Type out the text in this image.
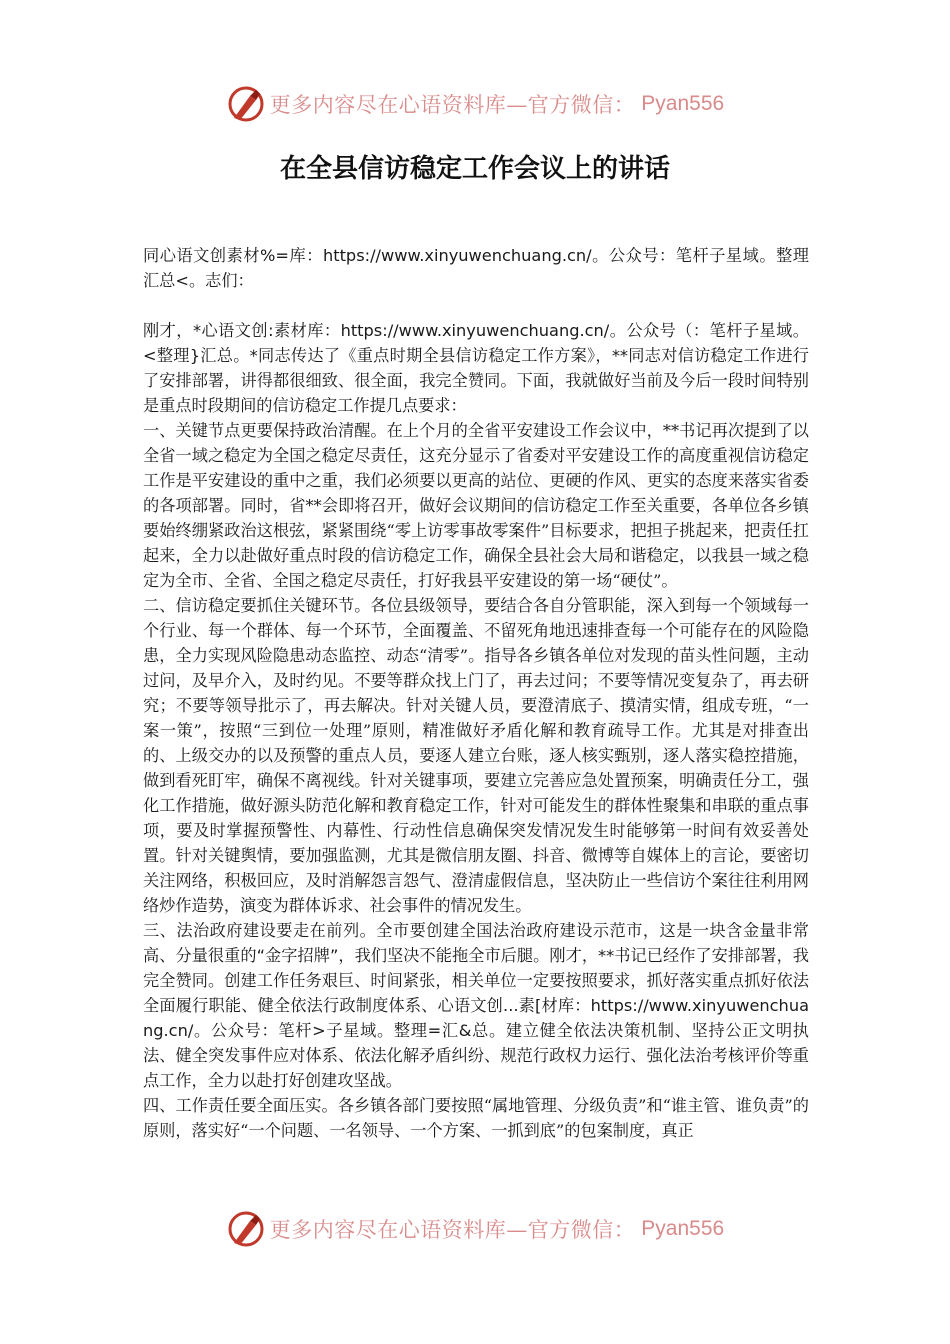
更多内容尽在心语资料库—官方微信： Pyan556
在全县信访稳定工作会议上的讲话

同心语文创素材%=库：https://www.xinyuwenchuang.cn/。公众号：笔杆子星域。整理汇总<。志们：

刚才，*心语文创:素材库：https://www.xinyuwenchuang.cn/。公众号（：笔杆子星域。<整理}汇总。*同志传达了《重点时期全县信访稳定工作方案》，**同志对信访稳定工作进行了安排部署，讲得都很细致、很全面，我完全赞同。下面，我就做好当前及今后一段时间特别是重点时段期间的信访稳定工作提几点要求：

一、关键节点更要保持政治清醒。在上个月的全省平安建设工作会议中，**书记再次提到了以全省一域之稳定为全国之稳定尽责任，这充分显示了省委对平安建设工作的高度重视信访稳定工作是平安建设的重中之重，我们必须要以更高的站位、更硬的作风、更实的态度来落实省委的各项部署。同时，省**会即将召开，做好会议期间的信访稳定工作至关重要，各单位各乡镇要始终绷紧政治这根弦，紧紧围绕“零上访零事故零案件”目标要求，把担子挑起来，把责任扛起来，全力以赴做好重点时段的信访稳定工作，确保全县社会大局和谐稳定，以我县一域之稳定为全市、全省、全国之稳定尽责任，打好我县平安建设的第一场“硬仗”。

二、信访稳定要抓住关键环节。各位县级领导，要结合各自分管职能，深入到每一个领域每一个行业、每一个群体、每一个环节，全面覆盖、不留死角地迅速排查每一个可能存在的风险隐患，全力实现风险隐患动态监控、动态“清零”。指导各乡镇各单位对发现的苗头性问题，主动过问，及早介入，及时约见。不要等群众找上门了，再去过问；不要等情况变复杂了，再去研究；不要等领导批示了，再去解决。针对关键人员，要澄清底子、摸清实情，组成专班，“一案一策”，按照“三到位一处理”原则，精准做好矛盾化解和教育疏导工作。尤其是对排查出的、上级交办的以及预警的重点人员，要逐人建立台账，逐人核实甄别，逐人落实稳控措施，做到看死盯牢，确保不离视线。针对关键事项，要建立完善应急处置预案，明确责任分工，强化工作措施，做好源头防范化解和教育稳定工作，针对可能发生的群体性聚集和串联的重点事项，要及时掌握预警性、内幕性、行动性信息确保突发情况发生时能够第一时间有效妥善处置。针对关键舆情，要加强监测，尤其是微信朋友圈、抖音、微博等自媒体上的言论，要密切关注网络，积极回应，及时消解怨言怨气、澄清虚假信息，坚决防止一些信访个案往往利用网络炒作造势，演变为群体诉求、社会事件的情况发生。

三、法治政府建设要走在前列。全市要创建全国法治政府建设示范市，这是一块含金量非常高、分量很重的“金字招牌”，我们坚决不能拖全市后腿。刚才，**书记已经作了安排部署，我完全赞同。创建工作任务艰巨、时间紧张，相关单位一定要按照要求，抓好落实重点抓好依法全面履行职能、健全依法行政制度体系、心语文创...素[材库：https://www.xinyuwenchuang.cn/。公众号：笔杆>子星域。整理=汇&总。建立健全依法决策机制、坚持公正文明执法、健全突发事件应对体系、依法化解矛盾纠纷、规范行政权力运行、强化法治考核评价等重点工作，全力以赴打好创建攻坚战。

四、工作责任要全面压实。各乡镇各部门要按照“属地管理、分级负责”和“谁主管、谁负责”的原则，落实好“一个问题、一名领导、一个方案、一抓到底”的包案制度，真正

更多内容尽在心语资料库—官方微信： Pyan556
